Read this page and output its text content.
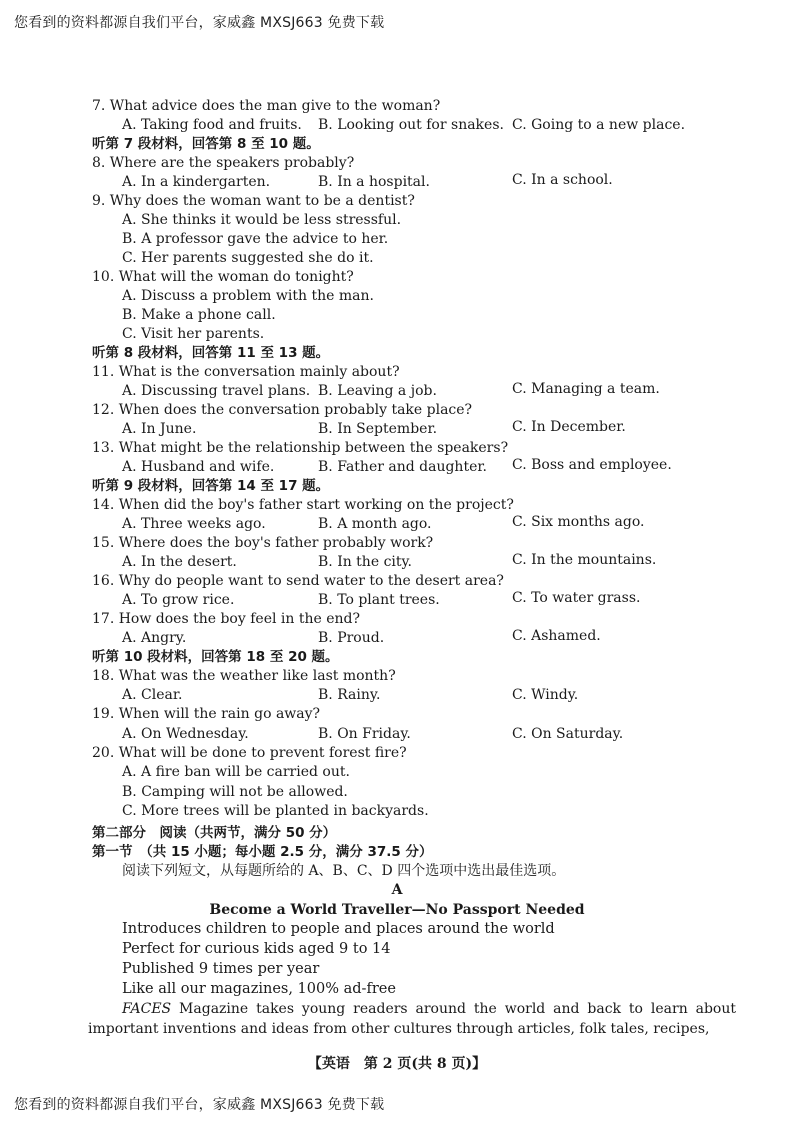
您看到的资料都源自我们平台，家威鑫 MXSJ663 免费下载
第二部分　阅读（共两节，满分 50 分）
第一节　（共 15 小题；每小题 2.5 分，满分 37.5 分）
阅读下列短文，从每题所给的 A、B、C、D 四个选项中选出最佳选项。
A
Become a World Traveller—No Passport Needed
Introduces children to people and places around the world
Perfect for curious kids aged 9 to 14
Published 9 times per year
Like all our magazines, 100% ad-free
FACES Magazine takes young readers around the world and back to learn about important inventions and ideas from other cultures through articles, folk tales, recipes,
【英语　第 2 页(共 8 页)】
7. What advice does the man give to the woman?
A. Taking food and fruits. B. Looking out for snakes. C. Going to a new place.
听第 7 段材料，回答第 8 至 10 题。
8. Where are the speakers probably?
A. In a kindergarten.	B. In a hospital.	C. In a school.
9. Why does the woman want to be a dentist?
A. She thinks it would be less stressful.
B. A professor gave the advice to her.
C. Her parents suggested she do it.
10. What will the woman do tonight?
A. Discuss a problem with the man.
B. Make a phone call.
C. Visit her parents.
听第 8 段材料，回答第 11 至 13 题。
11. What is the conversation mainly about?
A. Discussing travel plans. B. Leaving a job.	C. Managing a team.
12. When does the conversation probably take place?
A. In June.	B. In September.	C. In December.
13. What might be the relationship between the speakers?
A. Husband and wife.	B. Father and daughter. C. Boss and employee.
听第 9 段材料，回答第 14 至 17 题。
14. When did the boy's father start working on the project?
A. Three weeks ago.	B. A month ago.	C. Six months ago.
15. Where does the boy's father probably work?
A. In the desert.	B. In the city.	C. In the mountains.
16. Why do people want to send water to the desert area?
A. To grow rice.	B. To plant trees.	C. To water grass.
17. How does the boy feel in the end?
A. Angry.	B. Proud.	C. Ashamed.
听第 10 段材料，回答第 18 至 20 题。
18. What was the weather like last month?
A. Clear.	B. Rainy.	C. Windy.
19. When will the rain go away?
A. On Wednesday.	B. On Friday.	C. On Saturday.
20. What will be done to prevent forest fire?
A. A fire ban will be carried out.
B. Camping will not be allowed.
C. More trees will be planted in backyards.
您看到的资料都源自我们平台，家威鑫 MXSJ663 免费下载
